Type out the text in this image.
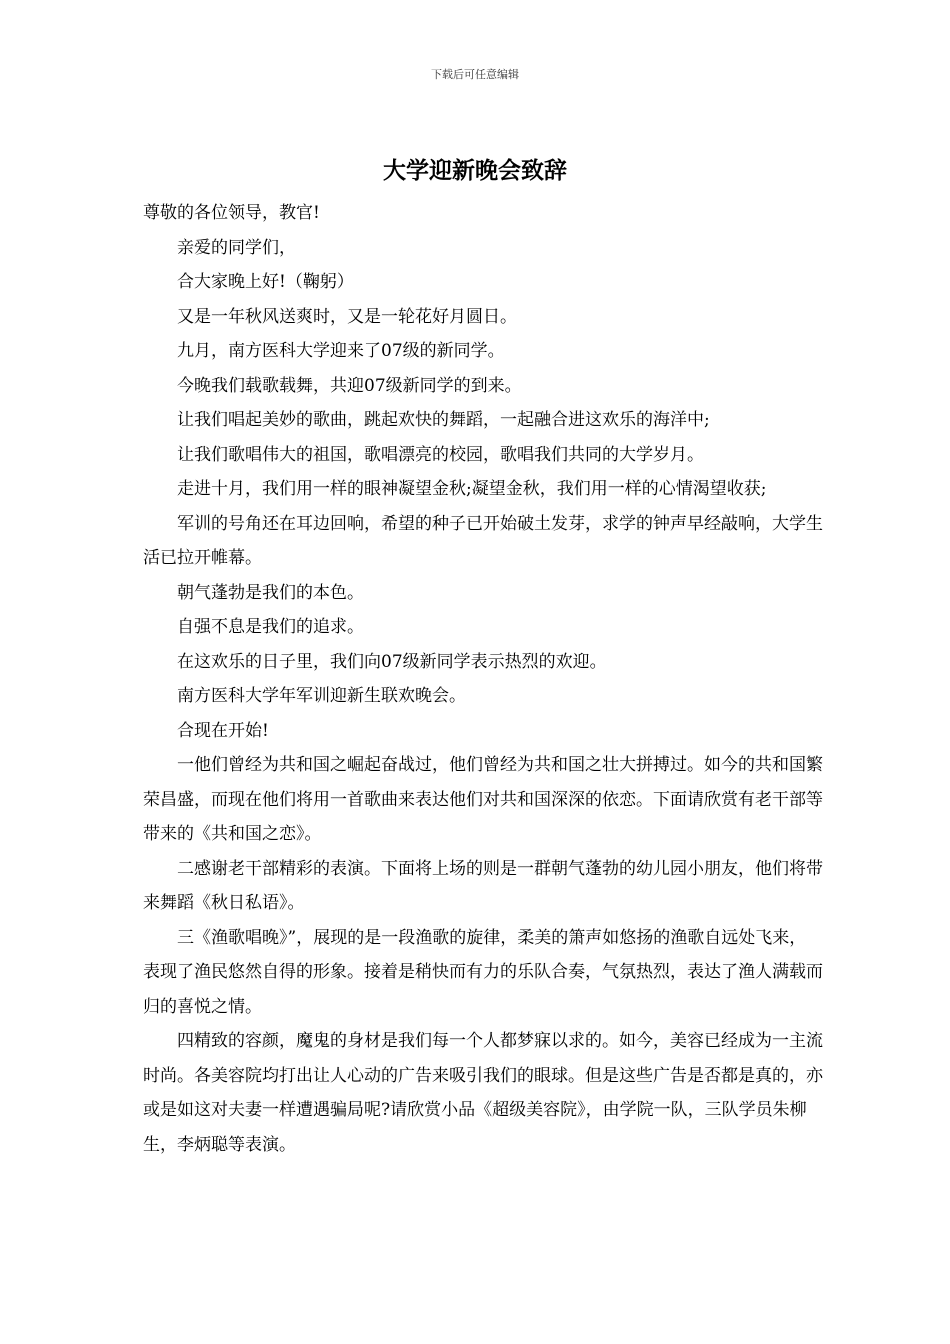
下载后可任意编辑
大学迎新晚会致辞

尊敬的各位领导，教官!

亲爱的同学们，

合大家晚上好!（鞠躬）

又是一年秋风送爽时，又是一轮花好月圆日。

九月，南方医科大学迎来了07级的新同学。

今晚我们载歌载舞，共迎07级新同学的到来。

让我们唱起美妙的歌曲，跳起欢快的舞蹈，一起融合进这欢乐的海洋中;

让我们歌唱伟大的祖国，歌唱漂亮的校园，歌唱我们共同的大学岁月。

走进十月，我们用一样的眼神凝望金秋;凝望金秋，我们用一样的心情渴望收获;

军训的号角还在耳边回响，希望的种子已开始破土发芽，求学的钟声早经敲响，大学生活已拉开帷幕。

朝气蓬勃是我们的本色。

自强不息是我们的追求。

在这欢乐的日子里，我们向07级新同学表示热烈的欢迎。

南方医科大学年军训迎新生联欢晚会。

合现在开始!

一他们曾经为共和国之崛起奋战过，他们曾经为共和国之壮大拼搏过。如今的共和国繁荣昌盛，而现在他们将用一首歌曲来表达他们对共和国深深的依恋。下面请欣赏有老干部等带来的《共和国之恋》。

二感谢老干部精彩的表演。下面将上场的则是一群朝气蓬勃的幼儿园小朋友，他们将带来舞蹈《秋日私语》。

三《渔歌唱晚》”，展现的是一段渔歌的旋律，柔美的箫声如悠扬的渔歌自远处飞来，表现了渔民悠然自得的形象。接着是稍快而有力的乐队合奏，气氛热烈，表达了渔人满载而归的喜悦之情。

四精致的容颜，魔鬼的身材是我们每一个人都梦寐以求的。如今，美容已经成为一主流时尚。各美容院均打出让人心动的广告来吸引我们的眼球。但是这些广告是否都是真的，亦或是如这对夫妻一样遭遇骗局呢?请欣赏小品《超级美容院》，由学院一队，三队学员朱柳生，李炳聪等表演。
